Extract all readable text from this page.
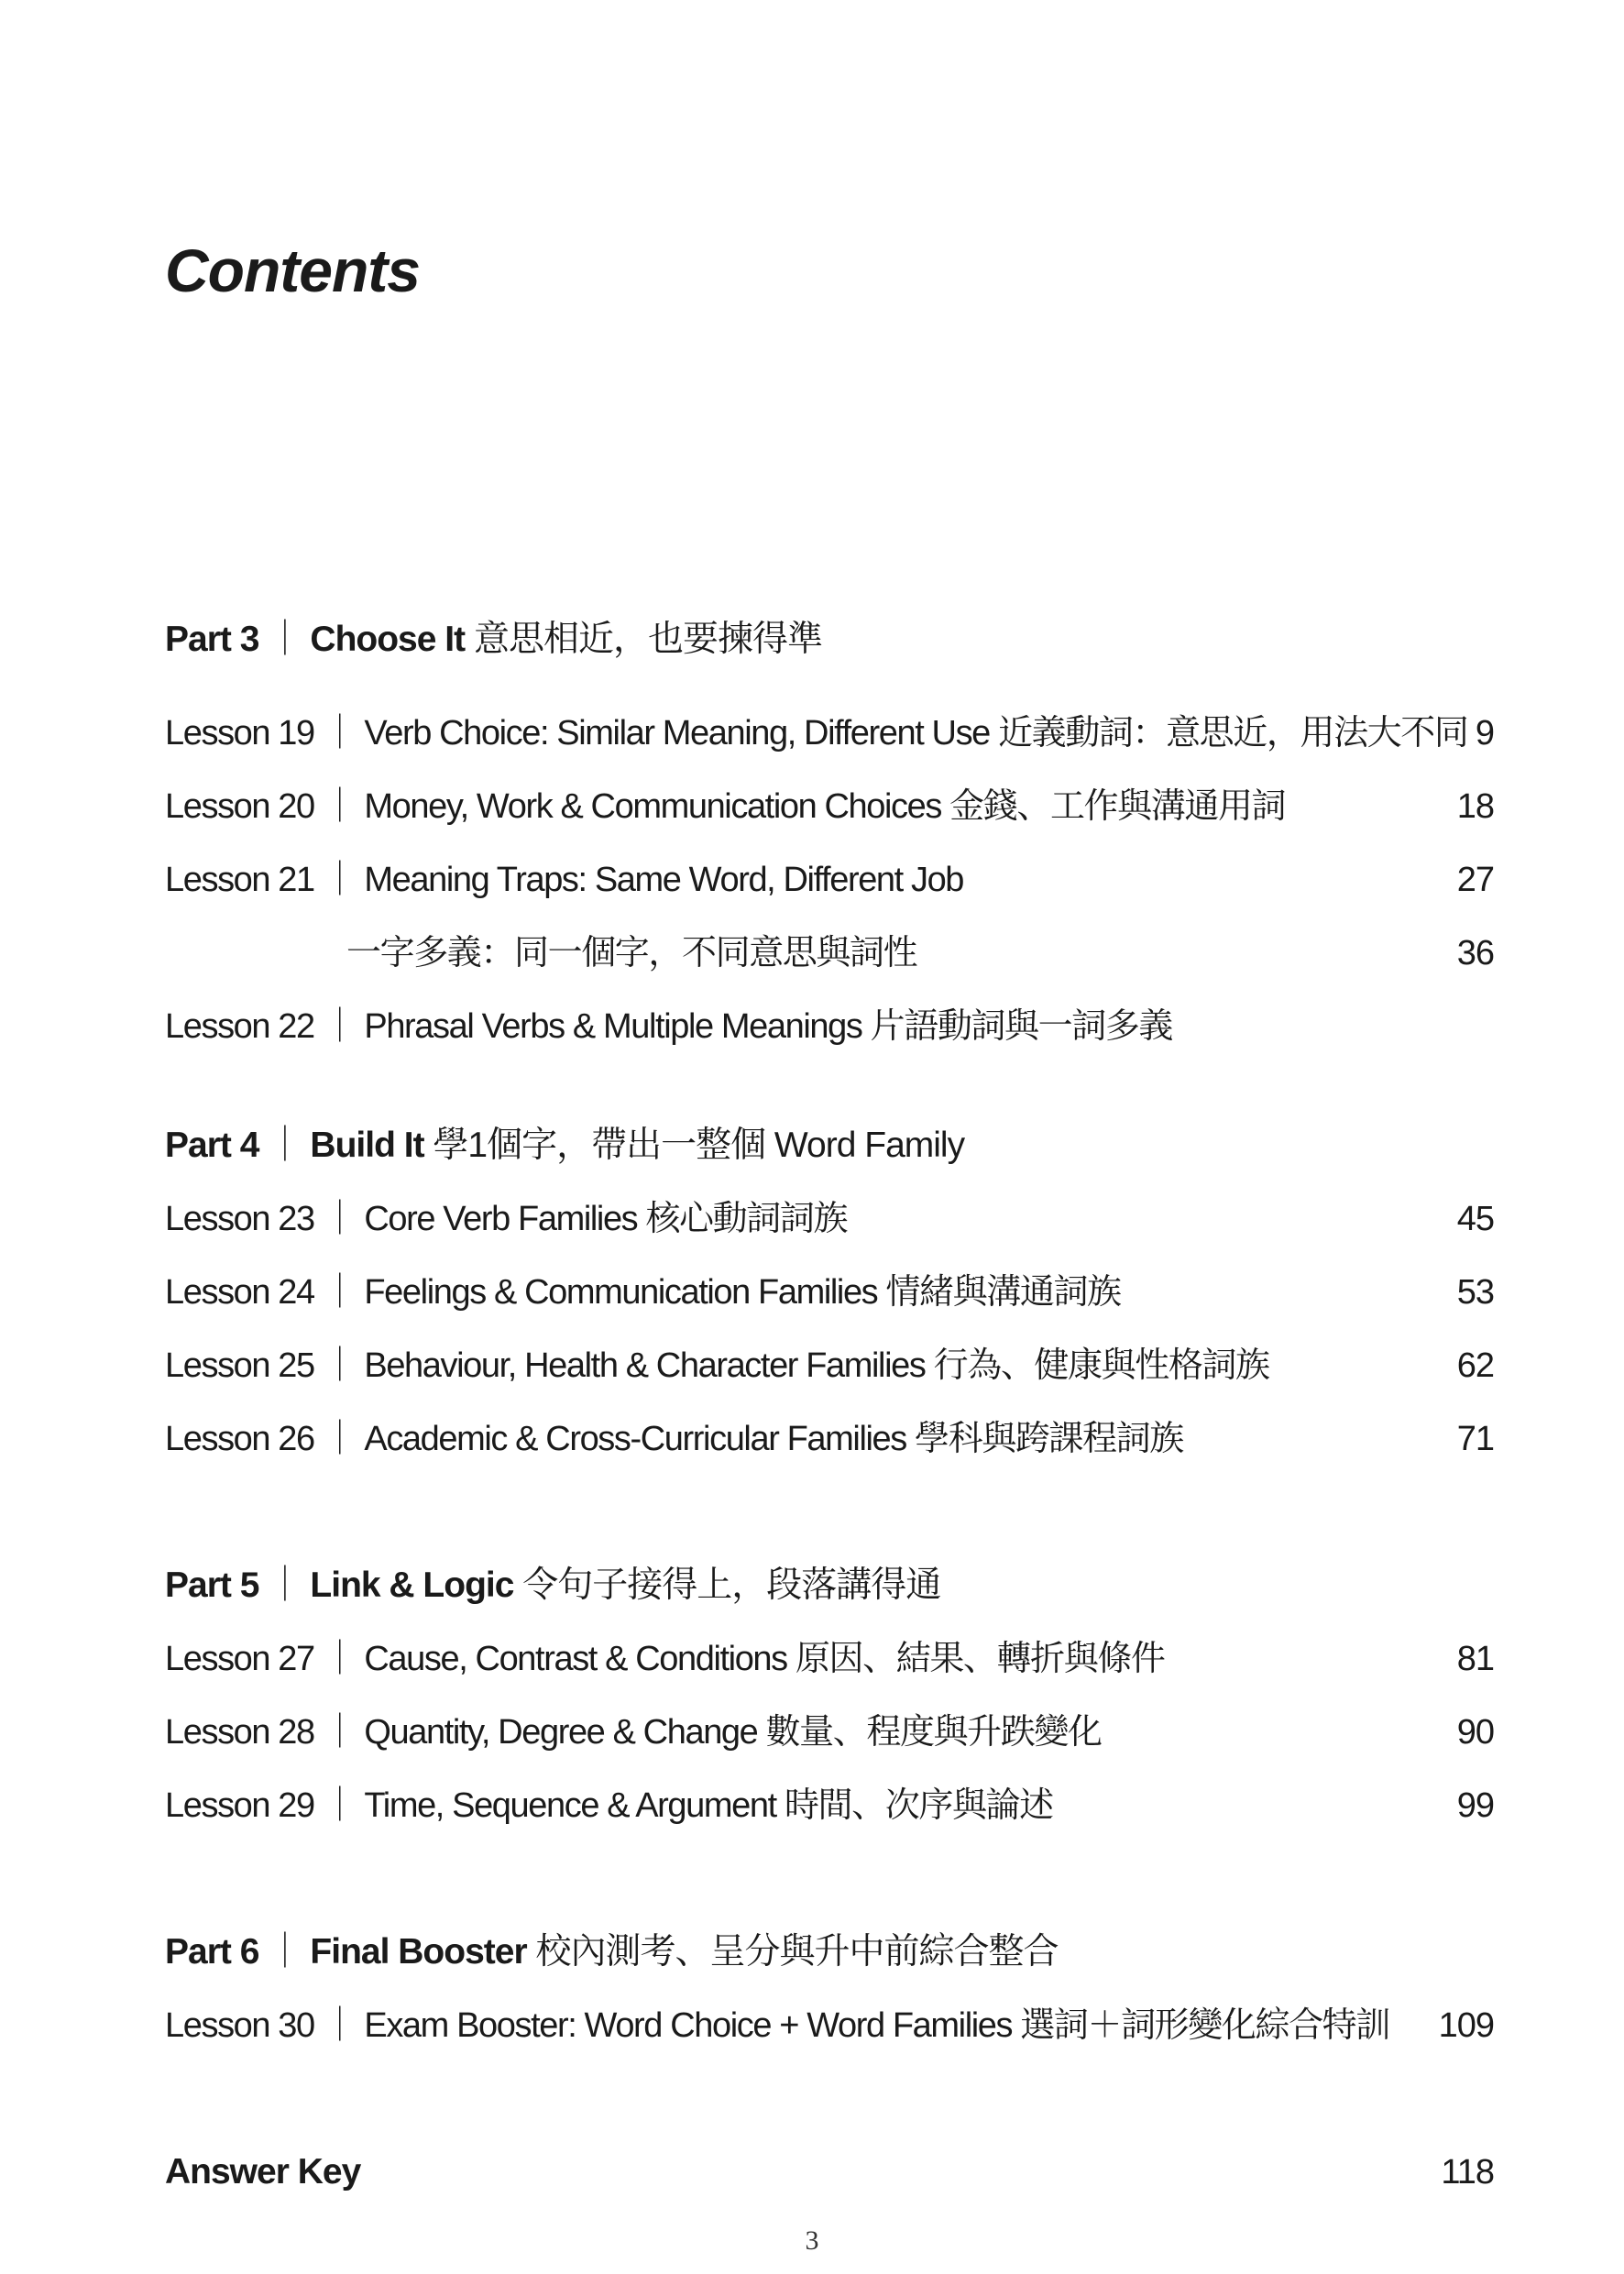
Contents
Part 3 ｜ Choose It 意思相近，也要揀得準
Lesson 19 ｜ Verb Choice: Similar Meaning, Different Use 近義動詞：意思近，用法大不同 9
Lesson 20 ｜ Money, Work & Communication Choices 金錢、工作與溝通用詞	18
Lesson 21 ｜ Meaning Traps: Same Word, Different Job	27
一字多義：同一個字，不同意思與詞性	36
Lesson 22 ｜ Phrasal Verbs & Multiple Meanings 片語動詞與一詞多義
Part 4 ｜ Build It 學1個字，帶出一整個 Word Family
Lesson 23 ｜ Core Verb Families 核心動詞詞族	45
Lesson 24 ｜ Feelings & Communication Families 情緒與溝通詞族	53
Lesson 25 ｜ Behaviour, Health & Character Families 行為、健康與性格詞族	62
Lesson 26 ｜ Academic & Cross-Curricular Families 學科與跨課程詞族	71
Part 5 ｜ Link & Logic 令句子接得上，段落講得通
Lesson 27 ｜ Cause, Contrast & Conditions 原因、結果、轉折與條件	81
Lesson 28 ｜ Quantity, Degree & Change 數量、程度與升跌變化	90
Lesson 29 ｜ Time, Sequence & Argument 時間、次序與論述	99
Part 6 ｜ Final Booster 校內測考、呈分與升中前綜合整合
Lesson 30 ｜ Exam Booster: Word Choice + Word Families 選詞＋詞形變化綜合特訓	109
Answer Key	118
3
